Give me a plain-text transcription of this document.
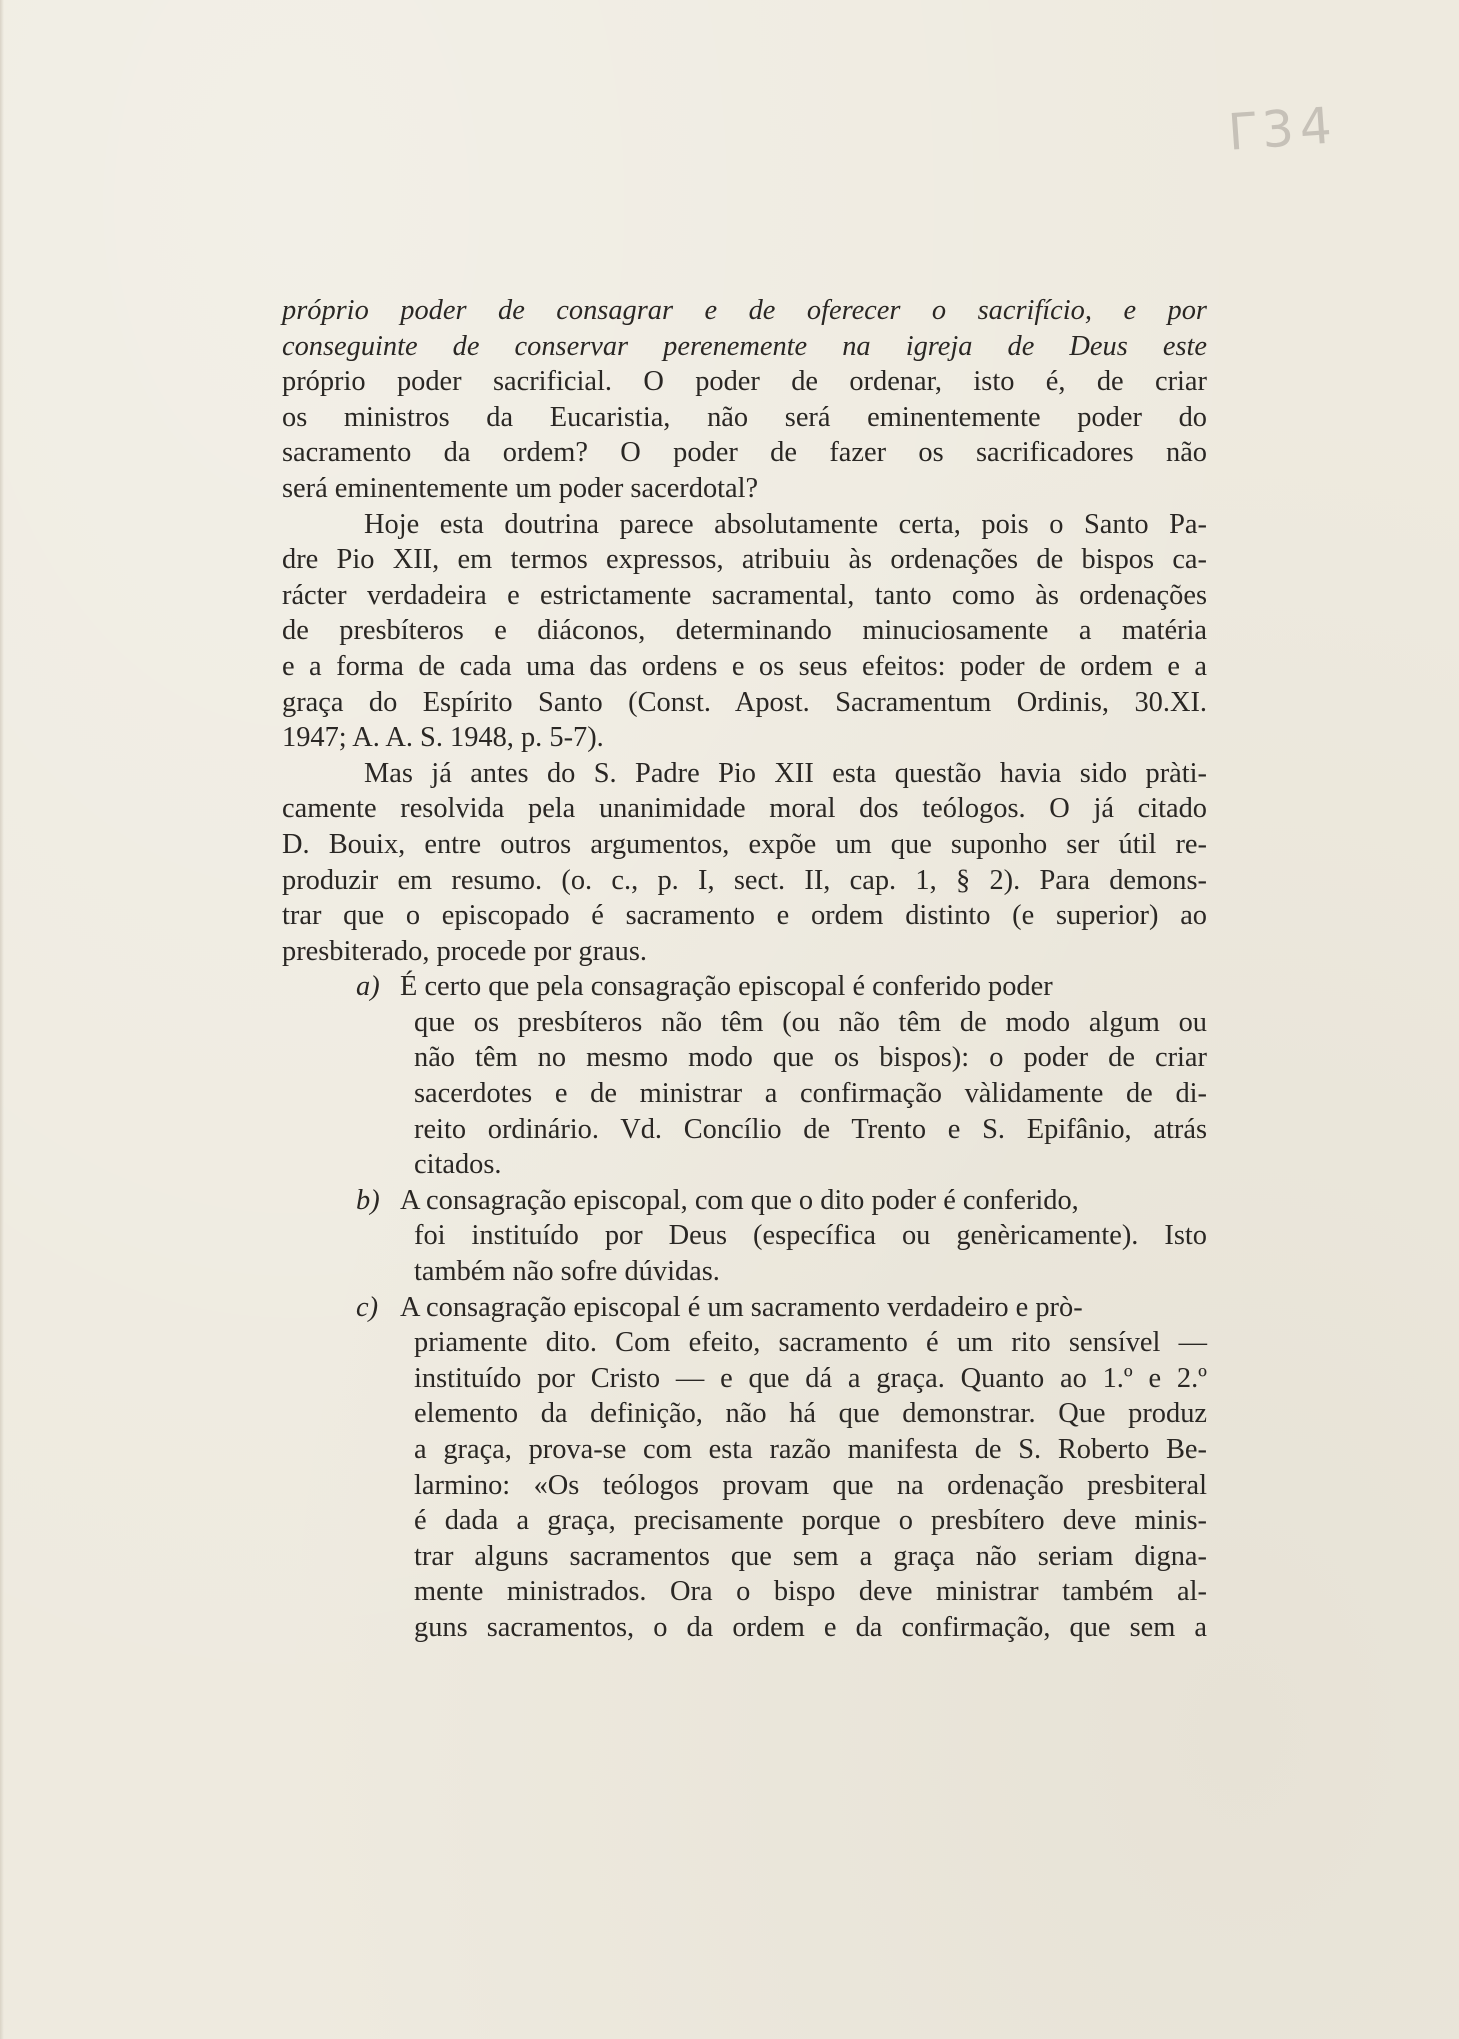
Γ34
próprio poder de consagrar e de oferecer o sacrifício, e por
conseguinte de conservar perenemente na igreja de Deus este
próprio poder sacrificial. O poder de ordenar, isto é, de criar
os ministros da Eucaristia, não será eminentemente poder do
sacramento da ordem? O poder de fazer os sacrificadores não
será eminentemente um poder sacerdotal?
Hoje esta doutrina parece absolutamente certa, pois o Santo Pa-
dre Pio XII, em termos expressos, atribuiu às ordenações de bispos ca-
rácter verdadeira e estrictamente sacramental, tanto como às ordenações
de presbíteros e diáconos, determinando minuciosamente a matéria
e a forma de cada uma das ordens e os seus efeitos: poder de ordem e a
graça do Espírito Santo (Const. Apost. Sacramentum Ordinis, 30.XI.
1947; A. A. S. 1948, p. 5-7).
Mas já antes do S. Padre Pio XII esta questão havia sido pràti-
camente resolvida pela unanimidade moral dos teólogos. O já citado
D. Bouix, entre outros argumentos, expõe um que suponho ser útil re-
produzir em resumo. (o. c., p. I, sect. II, cap. 1, § 2). Para demons-
trar que o episcopado é sacramento e ordem distinto (e superior) ao
presbiterado, procede por graus.
a) É certo que pela consagração episcopal é conferido poder
que os presbíteros não têm (ou não têm de modo algum ou
não têm no mesmo modo que os bispos): o poder de criar
sacerdotes e de ministrar a confirmação vàlidamente de di-
reito ordinário. Vd. Concílio de Trento e S. Epifânio, atrás
citados.
b) A consagração episcopal, com que o dito poder é conferido,
foi instituído por Deus (específica ou genèricamente). Isto
também não sofre dúvidas.
c) A consagração episcopal é um sacramento verdadeiro e prò-
priamente dito. Com efeito, sacramento é um rito sensível —
instituído por Cristo — e que dá a graça. Quanto ao 1.º e 2.º
elemento da definição, não há que demonstrar. Que produz
a graça, prova-se com esta razão manifesta de S. Roberto Be-
larmino: «Os teólogos provam que na ordenação presbiteral
é dada a graça, precisamente porque o presbítero deve minis-
trar alguns sacramentos que sem a graça não seriam digna-
mente ministrados. Ora o bispo deve ministrar também al-
guns sacramentos, o da ordem e da confirmação, que sem a
